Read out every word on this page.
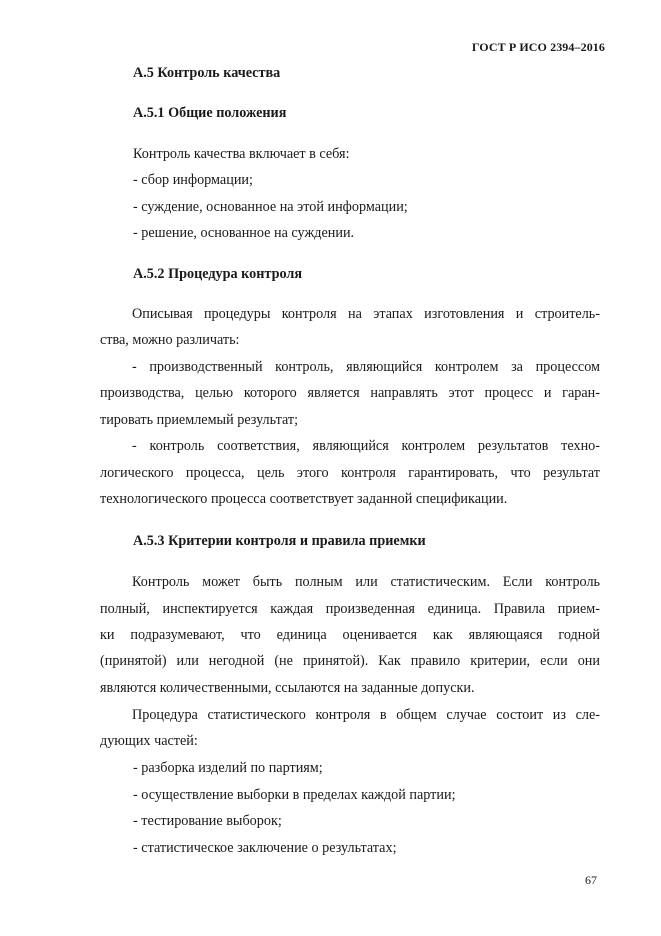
ГОСТ Р ИСО 2394–2016
А.5 Контроль качества
А.5.1 Общие положения
Контроль качества включает в себя:
- сбор информации;
- суждение, основанное на этой информации;
- решение, основанное на суждении.
А.5.2 Процедура контроля
Описывая процедуры контроля на этапах изготовления и строитель-
ства, можно различать:
- производственный контроль, являющийся контролем за процессом
производства, целью которого является направлять этот процесс и гаран-
тировать приемлемый результат;
- контроль соответствия, являющийся контролем результатов техно-
логического процесса, цель этого контроля гарантировать, что результат
технологического процесса соответствует заданной спецификации.
А.5.3 Критерии контроля и правила приемки
Контроль может быть полным или статистическим. Если контроль
полный, инспектируется каждая произведенная единица. Правила прием-
ки подразумевают, что единица оценивается как являющаяся годной
(принятой) или негодной (не принятой). Как правило критерии, если они
являются количественными, ссылаются на заданные допуски.
Процедура статистического контроля в общем случае состоит из сле-
дующих частей:
- разборка изделий по партиям;
- осуществление выборки в пределах каждой партии;
- тестирование выборок;
- статистическое заключение о результатах;
67
